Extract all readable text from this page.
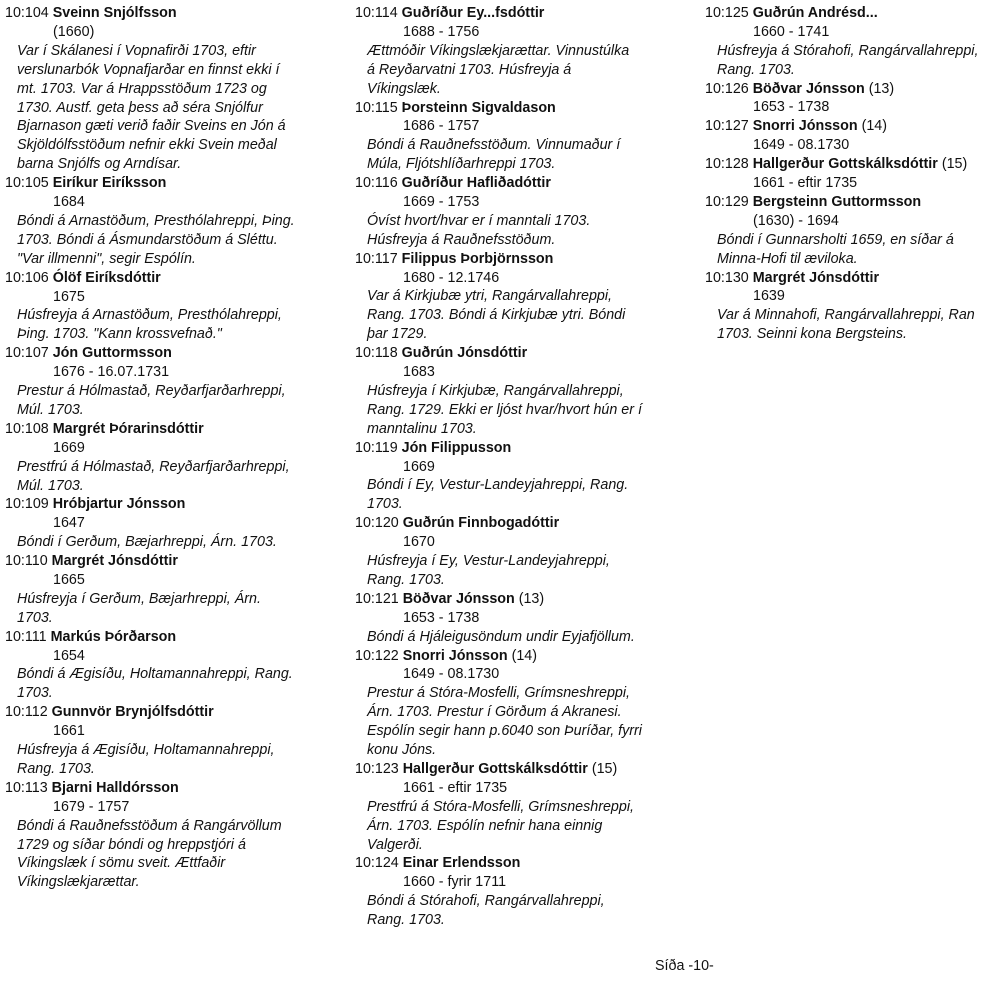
10:104 Sveinn Snjólfsson
(1660)
Var í Skálanesi í Vopnafirði 1703, eftir
verslunarbók Vopnafjarðar en finnst ekki í
mt. 1703. Var á Hrappsstöðum 1723 og
1730. Austf. geta þess að séra Snjólfur
Bjarnason gæti verið faðir Sveins en Jón á
Skjöldólfsstöðum nefnir ekki Svein meðal
barna Snjólfs og Arndísar.
10:105 Eiríkur Eiríksson
1684
Bóndi á Arnastöðum, Presthólahreppi, Þing.
1703. Bóndi á Ásmundarstöðum á Sléttu.
"Var illmenni", segir Espólín.
10:106 Ólöf Eiríksdóttir
1675
Húsfreyja á Arnastöðum, Presthólahreppi,
Þing. 1703. "Kann krossvefnað."
10:107 Jón Guttormsson
1676 - 16.07.1731
Prestur á Hólmastað, Reyðarfjarðarhreppi,
Múl. 1703.
10:108 Margrét Þórarinsdóttir
1669
Prestfrú á Hólmastað, Reyðarfjarðarhreppi,
Múl. 1703.
10:109 Hróbjartur Jónsson
1647
Bóndi í Gerðum, Bæjarhreppi, Árn. 1703.
10:110 Margrét Jónsdóttir
1665
Húsfreyja í Gerðum, Bæjarhreppi, Árn.
1703.
10:111 Markús Þórðarson
1654
Bóndi á Ægisíðu, Holtamannahreppi, Rang.
1703.
10:112 Gunnvör Brynjólfsdóttir
1661
Húsfreyja á Ægisíðu, Holtamannahreppi,
Rang. 1703.
10:113 Bjarni Halldórsson
1679 - 1757
Bóndi á Rauðnefsstöðum á Rangárvöllum
1729 og síðar bóndi og hreppstjóri á
Víkingslæk í sömu sveit. Ættfaðir
Víkingslækjarættar.
10:114 Guðríður Ey...fsdóttir
1688 - 1756
Ættmóðir Víkingslækjarættar. Vinnustúlka
á Reyðarvatni 1703. Húsfreyja á
Víkingslæk.
10:115 Þorsteinn Sigvaldason
1686 - 1757
Bóndi á Rauðnefsstöðum. Vinnumaður í
Múla, Fljótshlíðarhreppi 1703.
10:116 Guðríður Hafliðadóttir
1669 - 1753
Óvíst hvort/hvar er í manntali 1703.
Húsfreyja á Rauðnefsstöðum.
10:117 Filippus Þorbjörnsson
1680 - 12.1746
Var á Kirkjubæ ytri, Rangárvallahreppi,
Rang. 1703. Bóndi á Kirkjubæ ytri. Bóndi
þar 1729.
10:118 Guðrún Jónsdóttir
1683
Húsfreyja í Kirkjubæ, Rangárvallahreppi,
Rang. 1729. Ekki er ljóst hvar/hvort hún er í
manntalinu 1703.
10:119 Jón Filippusson
1669
Bóndi í Ey, Vestur-Landeyjahreppi, Rang.
1703.
10:120 Guðrún Finnbogadóttir
1670
Húsfreyja í Ey, Vestur-Landeyjahreppi,
Rang. 1703.
10:121 Böðvar Jónsson (13)
1653 - 1738
Bóndi á Hjáleigusöndum undir Eyjafjöllum.
10:122 Snorri Jónsson (14)
1649 - 08.1730
Prestur á Stóra-Mosfelli, Grímsneshreppi,
Árn. 1703. Prestur í Görðum á Akranesi.
Espólín segir hann p.6040 son Þuríðar, fyrri
konu Jóns.
10:123 Hallgerður Gottskálksdóttir (15)
1661 - eftir 1735
Prestfrú á Stóra-Mosfelli, Grímsneshreppi,
Árn. 1703. Espólín nefnir hana einnig
Valgerði.
10:124 Einar Erlendsson
1660 - fyrir 1711
Bóndi á Stórahofi, Rangárvallahreppi,
Rang. 1703.
10:125 Guðrún Andrésd...
1660 - 1741
Húsfreyja á Stórahofi, Rangárvallahreppi,
Rang. 1703.
10:126 Böðvar Jónsson (13)
1653 - 1738
10:127 Snorri Jónsson (14)
1649 - 08.1730
10:128 Hallgerður Gottskálksdóttir (15)
1661 - eftir 1735
10:129 Bergsteinn Guttormsson
(1630) - 1694
Bóndi í Gunnarsholti 1659, en síðar á
Minna-Hofi til æviloka.
10:130 Margrét Jónsdóttir
1639
Var á Minnahofi, Rangárvallahreppi, Ran
1703. Seinni kona Bergsteins.
Síða -10-
